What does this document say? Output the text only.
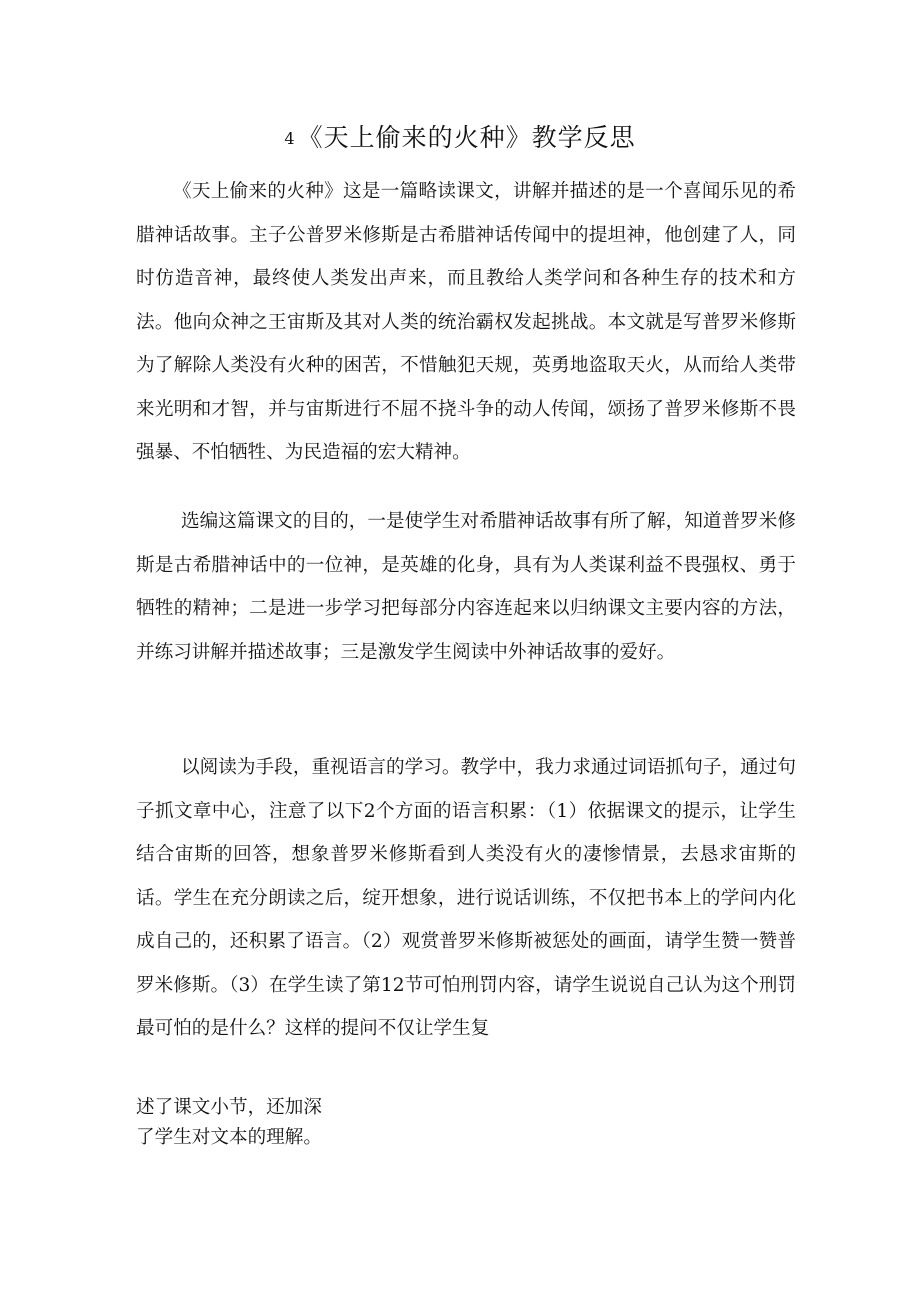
4《天上偷来的火种》教学反思

《天上偷来的火种》这是一篇略读课文，讲解并描述的是一个喜闻乐见的希腊神话故事。主子公普罗米修斯是古希腊神话传闻中的提坦神，他创建了人，同时仿造音神，最终使人类发出声来，而且教给人类学问和各种生存的技术和方法。他向众神之王宙斯及其对人类的统治霸权发起挑战。本文就是写普罗米修斯为了解除人类没有火种的困苦，不惜触犯天规，英勇地盗取天火，从而给人类带来光明和才智，并与宙斯进行不屈不挠斗争的动人传闻，颂扬了普罗米修斯不畏强暴、不怕牺牲、为民造福的宏大精神。

选编这篇课文的目的，一是使学生对希腊神话故事有所了解，知道普罗米修斯是古希腊神话中的一位神，是英雄的化身，具有为人类谋利益不畏强权、勇于牺牲的精神；二是进一步学习把每部分内容连起来以归纳课文主要内容的方法，并练习讲解并描述故事；三是激发学生阅读中外神话故事的爱好。

以阅读为手段，重视语言的学习。教学中，我力求通过词语抓句子，通过句子抓文章中心，注意了以下2个方面的语言积累：（1）依据课文的提示，让学生结合宙斯的回答，想象普罗米修斯看到人类没有火的凄惨情景，去恳求宙斯的话。学生在充分朗读之后，绽开想象，进行说话训练，不仅把书本上的学问内化成自己的，还积累了语言。（2）观赏普罗米修斯被惩处的画面，请学生赞一赞普罗米修斯。（3）在学生读了第12节可怕刑罚内容，请学生说说自己认为这个刑罚最可怕的是什么？这样的提问不仅让学生复

述了课文小节，还加深

了学生对文本的理解。
